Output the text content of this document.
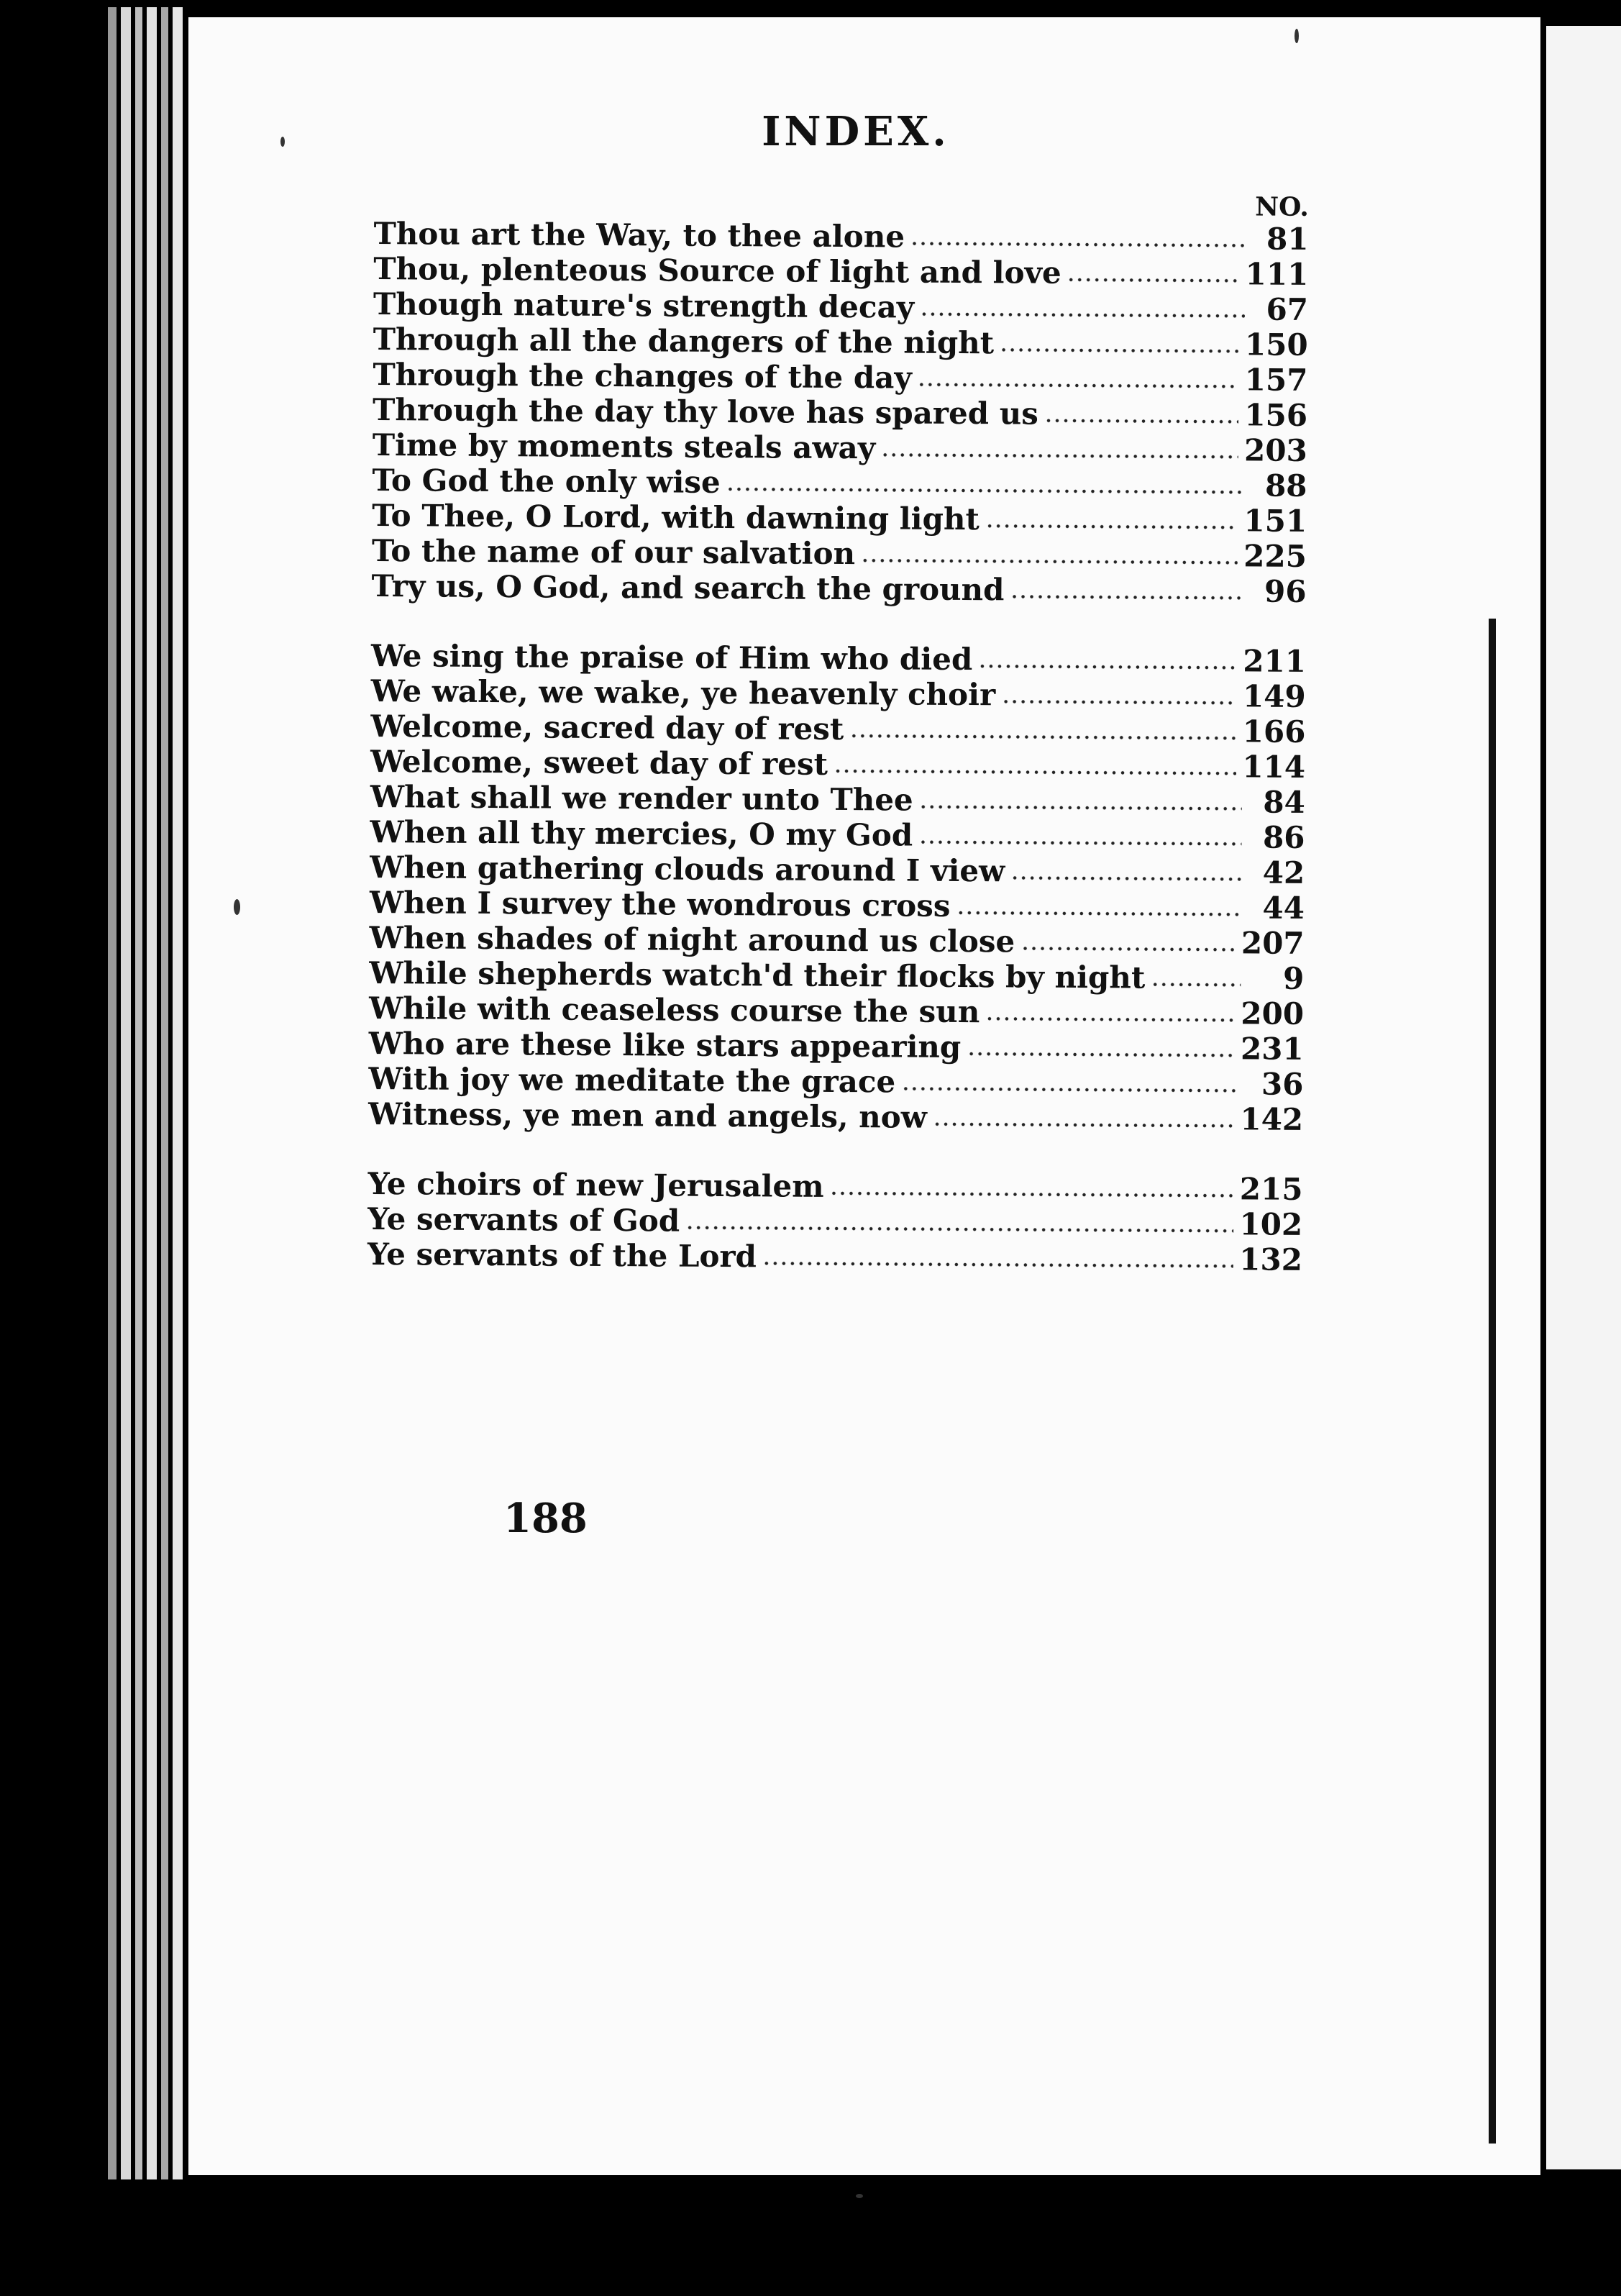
INDEX.
NO.
Thou art the Way, to thee alone	81
Thou, plenteous Source of light and love	111
Though nature's strength decay	67
Through all the dangers of the night	150
Through the changes of the day	157
Through the day thy love has spared us	156
Time by moments steals away	203
To God the only wise	88
To Thee, O Lord, with dawning light	151
To the name of our salvation	225
Try us, O God, and search the ground	96
We sing the praise of Him who died	211
We wake, we wake, ye heavenly choir	149
Welcome, sacred day of rest	166
Welcome, sweet day of rest	114
What shall we render unto Thee	84
When all thy mercies, O my God	86
When gathering clouds around I view	42
When I survey the wondrous cross	44
When shades of night around us close	207
While shepherds watch'd their flocks by night	9
While with ceaseless course the sun	200
Who are these like stars appearing	231
With joy we meditate the grace	36
Witness, ye men and angels, now	142
Ye choirs of new Jerusalem	215
Ye servants of God	102
Ye servants of the Lord	132
188
